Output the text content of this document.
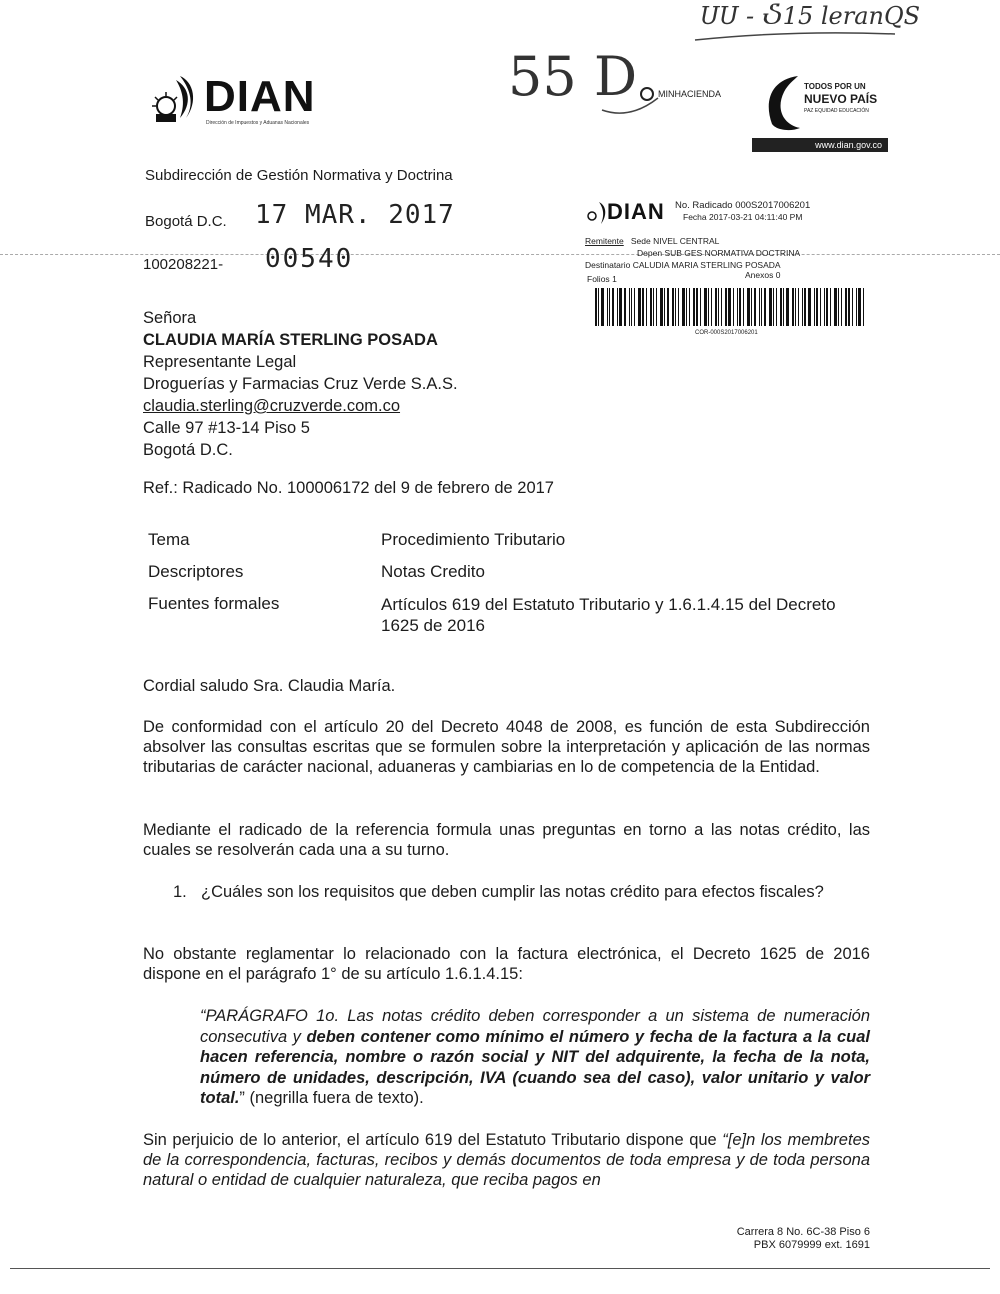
ՍՍ - Ⴢ15 leranQS
55 D
DIAN
Dirección de Impuestos y Aduanas Nacionales
MINHACIENDA
TODOS POR UN
NUEVO PAÍS
PAZ EQUIDAD EDUCACIÓN
www.dian.gov.co
Subdirección de Gestión Normativa y Doctrina
Bogotá D.C. 17 MAR. 2017
100208221- 00540
DIAN No. Radicado 000S2017006201
Fecha 2017-03-21 04:11:40 PM
Remitente Sede NIVEL CENTRAL
Depen SUB GES NORMATIVA DOCTRINA
Destinatario CALUDIA MARIA STERLING POSADA
Folios 1	Anexos 0
COR-000S2017006201
Señora
CLAUDIA MARÍA STERLING POSADA
Representante Legal
Droguerías y Farmacias Cruz Verde S.A.S.
claudia.sterling@cruzverde.com.co
Calle 97 #13-14 Piso 5
Bogotá D.C.
Ref.: Radicado No. 100006172 del 9 de febrero de 2017
Tema	Procedimiento Tributario
Descriptores	Notas Credito
Fuentes formales	Artículos 619 del Estatuto Tributario y 1.6.1.4.15 del Decreto 1625 de 2016
Cordial saludo Sra. Claudia María.
De conformidad con el artículo 20 del Decreto 4048 de 2008, es función de esta Subdirección absolver las consultas escritas que se formulen sobre la interpretación y aplicación de las normas tributarias de carácter nacional, aduaneras y cambiarias en lo de competencia de la Entidad.
Mediante el radicado de la referencia formula unas preguntas en torno a las notas crédito, las cuales se resolverán cada una a su turno.
1. ¿Cuáles son los requisitos que deben cumplir las notas crédito para efectos fiscales?
No obstante reglamentar lo relacionado con la factura electrónica, el Decreto 1625 de 2016 dispone en el parágrafo 1° de su artículo 1.6.1.4.15:
“PARÁGRAFO 1o. Las notas crédito deben corresponder a un sistema de numeración consecutiva y deben contener como mínimo el número y fecha de la factura a la cual hacen referencia, nombre o razón social y NIT del adquirente, la fecha de la nota, número de unidades, descripción, IVA (cuando sea del caso), valor unitario y valor total.” (negrilla fuera de texto).
Sin perjuicio de lo anterior, el artículo 619 del Estatuto Tributario dispone que “[e]n los membretes de la correspondencia, facturas, recibos y demás documentos de toda empresa y de toda persona natural o entidad de cualquier naturaleza, que reciba pagos en
Carrera 8 No. 6C-38 Piso 6
PBX 6079999 ext. 1691
